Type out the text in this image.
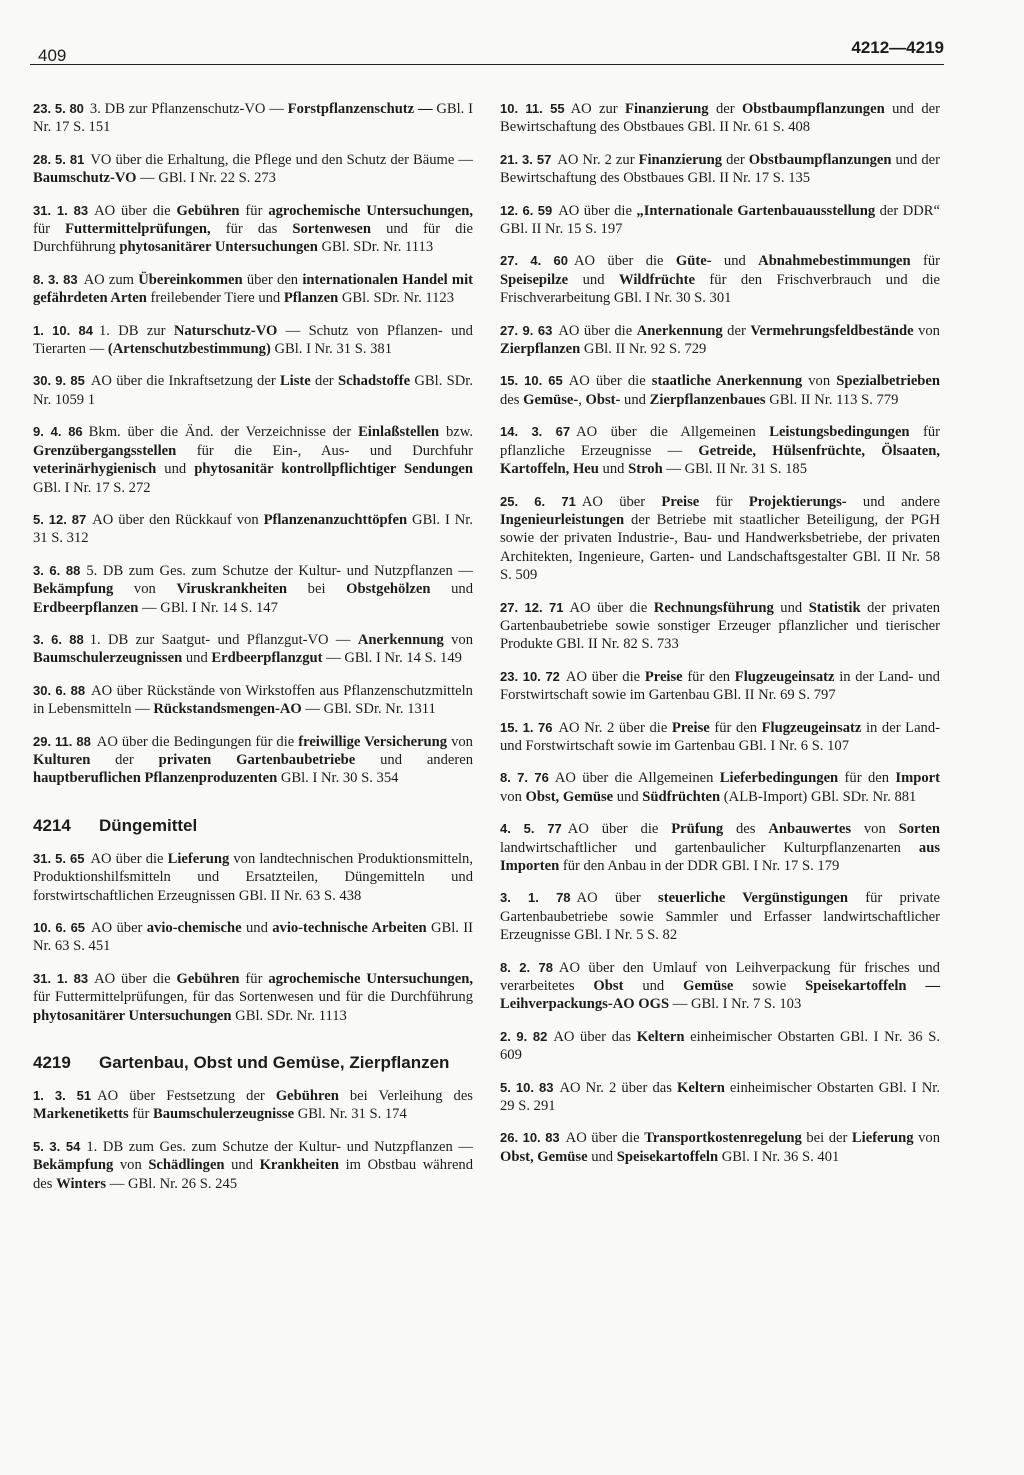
409	4212—4219

23. 5. 80 3. DB zur Pflanzenschutz-VO — Forstpflanzenschutz — GBl. I Nr. 17 S. 151

28. 5. 81 VO über die Erhaltung, die Pflege und den Schutz der Bäume — Baumschutz-VO — GBl. I Nr. 22 S. 273

31. 1. 83 AO über die Gebühren für agrochemische Untersuchungen, für Futtermittelprüfungen, für das Sortenwesen und für die Durchführung phytosanitärer Untersuchungen GBl. SDr. Nr. 1113

8. 3. 83 AO zum Übereinkommen über den internationalen Handel mit gefährdeten Arten freilebender Tiere und Pflanzen GBl. SDr. Nr. 1123

1. 10. 84 1. DB zur Naturschutz-VO — Schutz von Pflanzen- und Tierarten — (Artenschutzbestimmung) GBl. I Nr. 31 S. 381

30. 9. 85 AO über die Inkraftsetzung der Liste der Schadstoffe GBl. SDr. Nr. 1059 1

9. 4. 86 Bkm. über die Änd. der Verzeichnisse der Einlaßstellen bzw. Grenzübergangsstellen für die Ein-, Aus- und Durchfuhr veterinärhygienisch und phytosanitär kontrollpflichtiger Sendungen GBl. I Nr. 17 S. 272

5. 12. 87 AO über den Rückkauf von Pflanzenanzuchttöpfen GBl. I Nr. 31 S. 312

3. 6. 88 5. DB zum Ges. zum Schutze der Kultur- und Nutzpflanzen — Bekämpfung von Viruskrankheiten bei Obstgehölzen und Erdbeerpflanzen — GBl. I Nr. 14 S. 147

3. 6. 88 1. DB zur Saatgut- und Pflanzgut-VO — Anerkennung von Baumschulerzeugnissen und Erdbeerpflanzgut — GBl. I Nr. 14 S. 149

30. 6. 88 AO über Rückstände von Wirkstoffen aus Pflanzenschutzmitteln in Lebensmitteln — Rückstandsmengen-AO — GBl. SDr. Nr. 1311

29. 11. 88 AO über die Bedingungen für die freiwillige Versicherung von Kulturen der privaten Gartenbaubetriebe und anderen hauptberuflichen Pflanzenproduzenten GBl. I Nr. 30 S. 354

4214	Düngemittel

31. 5. 65 AO über die Lieferung von landtechnischen Produktionsmitteln, Produktionshilfsmitteln und Ersatzteilen, Düngemitteln und forstwirtschaftlichen Erzeugnissen GBl. II Nr. 63 S. 438

10. 6. 65 AO über avio-chemische und avio-technische Arbeiten GBl. II Nr. 63 S. 451

31. 1. 83 AO über die Gebühren für agrochemische Untersuchungen, für Futtermittelprüfungen, für das Sortenwesen und für die Durchführung phytosanitärer Untersuchungen GBl. SDr. Nr. 1113

4219	Gartenbau, Obst und Gemüse, Zierpflanzen

1. 3. 51 AO über Festsetzung der Gebühren bei Verleihung des Markenetiketts für Baumschulerzeugnisse GBl. Nr. 31 S. 174

5. 3. 54 1. DB zum Ges. zum Schutze der Kultur- und Nutzpflanzen — Bekämpfung von Schädlingen und Krankheiten im Obstbau während des Winters — GBl. Nr. 26 S. 245

10. 11. 55 AO zur Finanzierung der Obstbaumpflanzungen und der Bewirtschaftung des Obstbaues GBl. II Nr. 61 S. 408

21. 3. 57 AO Nr. 2 zur Finanzierung der Obstbaumpflanzungen und der Bewirtschaftung des Obstbaues GBl. II Nr. 17 S. 135

12. 6. 59 AO über die „Internationale Gartenbauausstellung der DDR“ GBl. II Nr. 15 S. 197

27. 4. 60 AO über die Güte- und Abnahmebestimmungen für Speisepilze und Wildfrüchte für den Frischverbrauch und die Frischverarbeitung GBl. I Nr. 30 S. 301

27. 9. 63 AO über die Anerkennung der Vermehrungsfeldbestände von Zierpflanzen GBl. II Nr. 92 S. 729

15. 10. 65 AO über die staatliche Anerkennung von Spezialbetrieben des Gemüse-, Obst- und Zierpflanzenbaues GBl. II Nr. 113 S. 779

14. 3. 67 AO über die Allgemeinen Leistungsbedingungen für pflanzliche Erzeugnisse — Getreide, Hülsenfrüchte, Ölsaaten, Kartoffeln, Heu und Stroh — GBl. II Nr. 31 S. 185

25. 6. 71 AO über Preise für Projektierungs- und andere Ingenieurleistungen der Betriebe mit staatlicher Beteiligung, der PGH sowie der privaten Industrie-, Bau- und Handwerksbetriebe, der privaten Architekten, Ingenieure, Garten- und Landschaftsgestalter GBl. II Nr. 58 S. 509

27. 12. 71 AO über die Rechnungsführung und Statistik der privaten Gartenbaubetriebe sowie sonstiger Erzeuger pflanzlicher und tierischer Produkte GBl. II Nr. 82 S. 733

23. 10. 72 AO über die Preise für den Flugzeugeinsatz in der Land- und Forstwirtschaft sowie im Gartenbau GBl. II Nr. 69 S. 797

15. 1. 76 AO Nr. 2 über die Preise für den Flugzeugeinsatz in der Land- und Forstwirtschaft sowie im Gartenbau GBl. I Nr. 6 S. 107

8. 7. 76 AO über die Allgemeinen Lieferbedingungen für den Import von Obst, Gemüse und Südfrüchten (ALB-Import) GBl. SDr. Nr. 881

4. 5. 77 AO über die Prüfung des Anbauwertes von Sorten landwirtschaftlicher und gartenbaulicher Kulturpflanzenarten aus Importen für den Anbau in der DDR GBl. I Nr. 17 S. 179

3. 1. 78 AO über steuerliche Vergünstigungen für private Gartenbaubetriebe sowie Sammler und Erfasser landwirtschaftlicher Erzeugnisse GBl. I Nr. 5 S. 82

8. 2. 78 AO über den Umlauf von Leihverpackung für frisches und verarbeitetes Obst und Gemüse sowie Speisekartoffeln — Leihverpackungs-AO OGS — GBl. I Nr. 7 S. 103

2. 9. 82 AO über das Keltern einheimischer Obstarten GBl. I Nr. 36 S. 609

5. 10. 83 AO Nr. 2 über das Keltern einheimischer Obstarten GBl. I Nr. 29 S. 291

26. 10. 83 AO über die Transportkostenregelung bei der Lieferung von Obst, Gemüse und Speisekartoffeln GBl. I Nr. 36 S. 401
